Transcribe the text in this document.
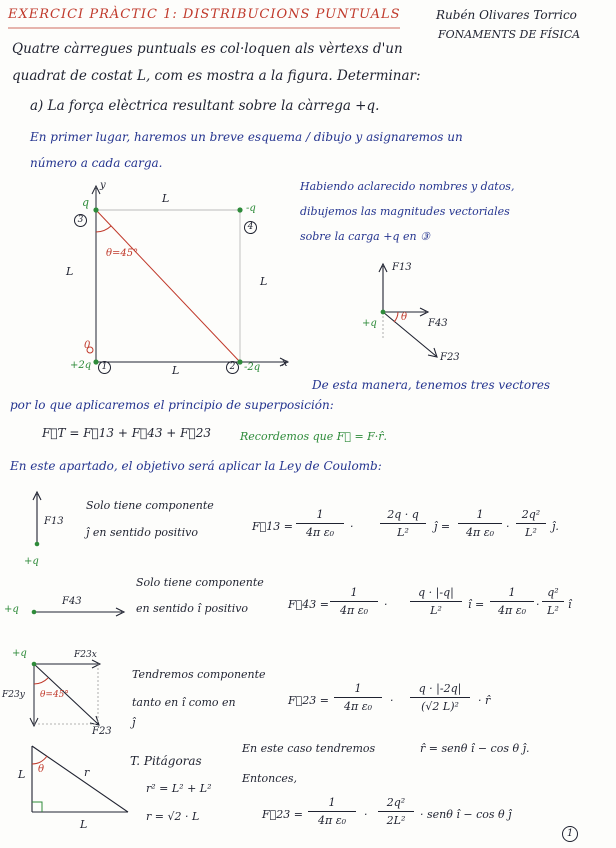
EXERCICI PRÀCTIC 1: DISTRIBUCIONS PUNTUALS	Rubén Olivares Torrico
FONAMENTS DE FÍSICA
Quatre càrregues puntuals es col·loquen als vèrtexs d'un
quadrat de costat L, com es mostra a la figura. Determinar:
a) La força elèctrica resultant sobre la càrrega +q.
En primer lugar, haremos un breve esquema / dibujo y asignaremos un
número a cada carga.
y
x
L
L
L
L
q
3
-q
4
+2q	1	2 -2q
0
θ=45°
Habiendo aclarecido nombres y datos,
dibujemos las magnitudes vectoriales
sobre la carga +q en ③
F13
F43
F23
+q
θ
De esta manera, tenemos tres vectores
por lo que aplicaremos el principio de superposición:
F⃗T = F⃗13 + F⃗43 + F⃗23	Recordemos que F⃗ = F·r̂.
En este apartado, el objetivo será aplicar la Ley de Coulomb:
F13
+q
Solo tiene componente
ĵ en sentido positivo	F⃗13 =
1
4π ε₀	·
2q · q
L²	ĵ =
1
4π ε₀	·
2q²
L²	ĵ.
F43
+q
Solo tiene componente
en sentido î positivo	F⃗43 =
1
4π ε₀	·
q · |-q|
L²	î =
1
4π ε₀ ·
q²
L² î
+q	F23x
F23y θ=45°
F23
Tendremos componente
tanto en î como en
ĵ
F⃗23 =
1
4π ε₀	·
q · |-2q|
(√2 L)²	· r̂
L
L
r
θ
T. Pitágoras
r² = L² + L²
r = √2 · L
En este caso tendremos	r̂ = senθ î − cos θ ĵ.
Entonces,
F⃗23 =
1
4π ε₀	·
2q²
2L²	· senθ î − cos θ ĵ
1
